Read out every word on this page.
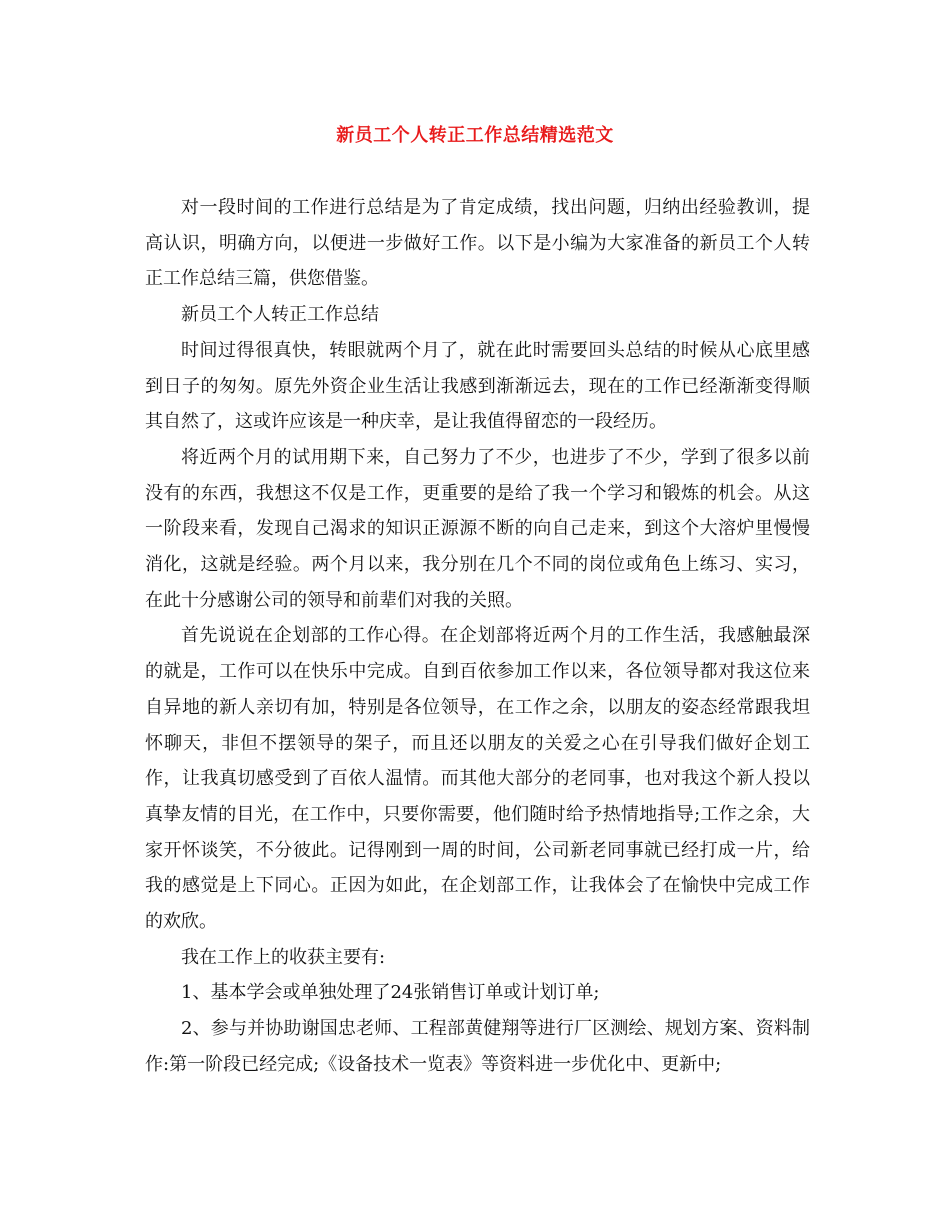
新员工个人转正工作总结精选范文

对一段时间的工作进行总结是为了肯定成绩，找出问题，归纳出经验教训，提高认识，明确方向，以便进一步做好工作。以下是小编为大家准备的新员工个人转正工作总结三篇，供您借鉴。

新员工个人转正工作总结

时间过得很真快，转眼就两个月了，就在此时需要回头总结的时候从心底里感到日子的匆匆。原先外资企业生活让我感到渐渐远去，现在的工作已经渐渐变得顺其自然了，这或许应该是一种庆幸，是让我值得留恋的一段经历。

将近两个月的试用期下来，自己努力了不少，也进步了不少，学到了很多以前没有的东西，我想这不仅是工作，更重要的是给了我一个学习和锻炼的机会。从这一阶段来看，发现自己渴求的知识正源源不断的向自己走来，到这个大溶炉里慢慢消化，这就是经验。两个月以来，我分别在几个不同的岗位或角色上练习、实习，在此十分感谢公司的领导和前辈们对我的关照。

首先说说在企划部的工作心得。在企划部将近两个月的工作生活，我感触最深的就是，工作可以在快乐中完成。自到百依参加工作以来，各位领导都对我这位来自异地的新人亲切有加，特别是各位领导，在工作之余，以朋友的姿态经常跟我坦怀聊天，非但不摆领导的架子，而且还以朋友的关爱之心在引导我们做好企划工作，让我真切感受到了百依人温情。而其他大部分的老同事，也对我这个新人投以真挚友情的目光，在工作中，只要你需要，他们随时给予热情地指导;工作之余，大家开怀谈笑，不分彼此。记得刚到一周的时间，公司新老同事就已经打成一片，给我的感觉是上下同心。正因为如此，在企划部工作，让我体会了在愉快中完成工作的欢欣。

我在工作上的收获主要有:

1、基本学会或单独处理了24张销售订单或计划订单;

2、参与并协助谢国忠老师、工程部黄健翔等进行厂区测绘、规划方案、资料制作:第一阶段已经完成;《设备技术一览表》等资料进一步优化中、更新中;
